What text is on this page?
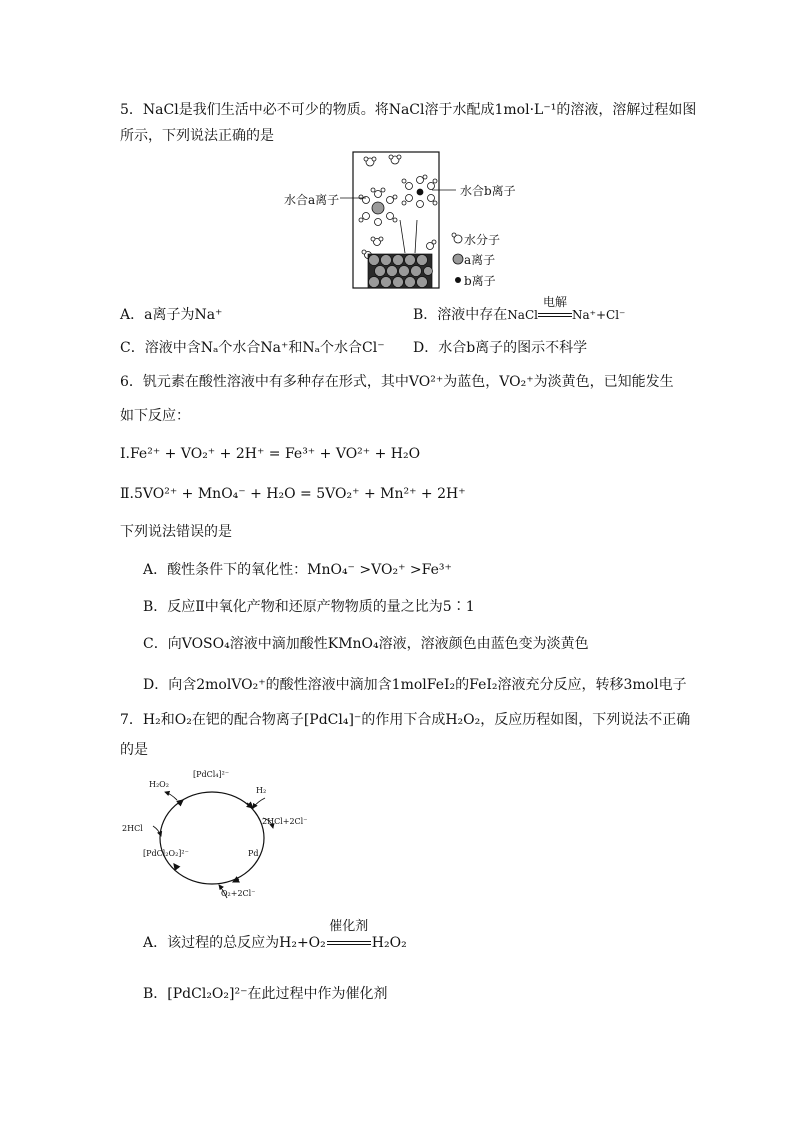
5．NaCl是我们生活中必不可少的物质。将NaCl溶于水配成1mol·L⁻¹的溶液，溶解过程如图
所示，下列说法正确的是
水合a离子
水合b离子
水分子
a离子
b离子
A．a离子为Na⁺	B．溶液中存在NaCl
电解
Na⁺+Cl⁻
C．溶液中含Nₐ个水合Na⁺和Nₐ个水合Cl⁻ D．水合b离子的图示不科学
6．钒元素在酸性溶液中有多种存在形式，其中VO²⁺为蓝色，VO₂⁺为淡黄色，已知能发生
如下反应：
Ⅰ.Fe²⁺ + VO₂⁺ + 2H⁺ = Fe³⁺ + VO²⁺ + H₂O
Ⅱ.5VO²⁺ + MnO₄⁻ + H₂O = 5VO₂⁺ + Mn²⁺ + 2H⁺
下列说法错误的是
A．酸性条件下的氧化性：MnO₄⁻ >VO₂⁺ >Fe³⁺
B．反应Ⅱ中氧化产物和还原产物物质的量之比为5∶1
C．向VOSO₄溶液中滴加酸性KMnO₄溶液，溶液颜色由蓝色变为淡黄色
D．向含2molVO₂⁺的酸性溶液中滴加含1molFeI₂的FeI₂溶液充分反应，转移3mol电子
7．H₂和O₂在钯的配合物离子[PdCl₄]⁻的作用下合成H₂O₂，反应历程如图，下列说法不正确
的是
[PdCl₄]²⁻
H₂O₂
H₂
2HCl+2Cl⁻
2HCl
Pd
[PdCl₂O₂]²⁻
O₂+2Cl⁻
A．该过程的总反应为H₂+O₂
催化剂
H₂O₂
B．[PdCl₂O₂]²⁻在此过程中作为催化剂
